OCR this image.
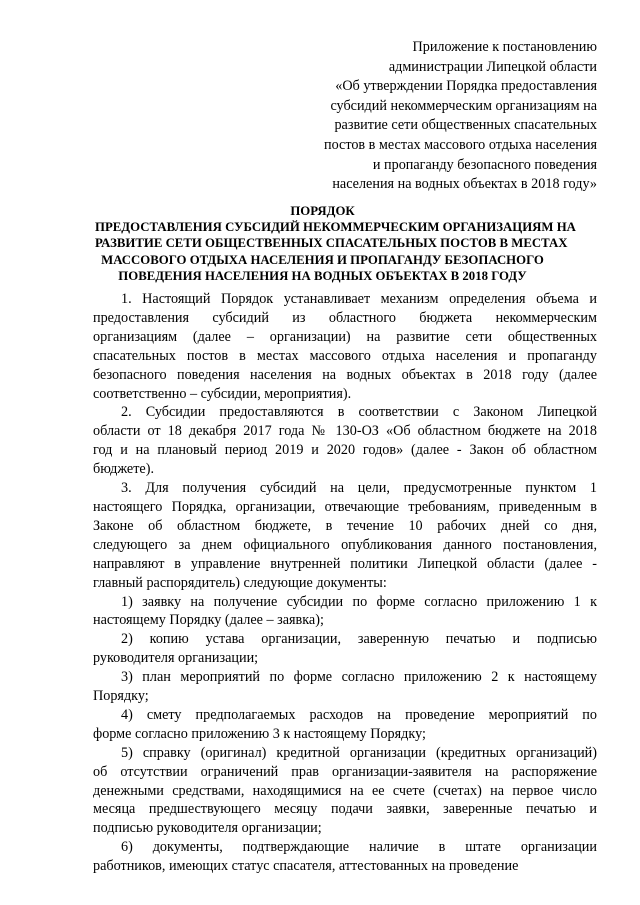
Приложение к постановлению
администрации Липецкой области
«Об утверждении Порядка предоставления
субсидий некоммерческим организациям на
развитие сети общественных спасательных
постов в местах массового отдыха населения
и пропаганду безопасного поведения
населения на водных объектах в 2018 году»
ПОРЯДОК
ПРЕДОСТАВЛЕНИЯ СУБСИДИЙ НЕКОММЕРЧЕСКИМ ОРГАНИЗАЦИЯМ НА
РАЗВИТИЕ СЕТИ ОБЩЕСТВЕННЫХ СПАСАТЕЛЬНЫХ ПОСТОВ В МЕСТАХ
МАССОВОГО ОТДЫХА НАСЕЛЕНИЯ И ПРОПАГАНДУ БЕЗОПАСНОГО
ПОВЕДЕНИЯ НАСЕЛЕНИЯ НА ВОДНЫХ ОБЪЕКТАХ В 2018 ГОДУ
1. Настоящий Порядок устанавливает механизм определения объема и
предоставления субсидий из областного бюджета некоммерческим
организациям (далее – организации) на развитие сети общественных
спасательных постов в местах массового отдыха населения и пропаганду
безопасного поведения населения на водных объектах в 2018 году (далее
соответственно – субсидии, мероприятия).
2. Субсидии предоставляются в соответствии с Законом Липецкой
области от 18 декабря 2017 года № 130-ОЗ «Об областном бюджете на 2018
год и на плановый период 2019 и 2020 годов» (далее - Закон об областном
бюджете).
3. Для получения субсидий на цели, предусмотренные пунктом 1
настоящего Порядка, организации, отвечающие требованиям, приведенным в
Законе об областном бюджете, в течение 10 рабочих дней со дня,
следующего за днем официального опубликования данного постановления,
направляют в управление внутренней политики Липецкой области (далее -
главный распорядитель) следующие документы:
1) заявку на получение субсидии по форме согласно приложению 1 к
настоящему Порядку (далее – заявка);
2) копию устава организации, заверенную печатью и подписью
руководителя организации;
3) план мероприятий по форме согласно приложению 2 к настоящему
Порядку;
4) смету предполагаемых расходов на проведение мероприятий по
форме согласно приложению 3 к настоящему Порядку;
5) справку (оригинал) кредитной организации (кредитных организаций)
об отсутствии ограничений прав организации-заявителя на распоряжение
денежными средствами, находящимися на ее счете (счетах) на первое число
месяца предшествующего месяцу подачи заявки, заверенные печатью и
подписью руководителя организации;
6) документы, подтверждающие наличие в штате организации
работников, имеющих статус спасателя, аттестованных на проведение
